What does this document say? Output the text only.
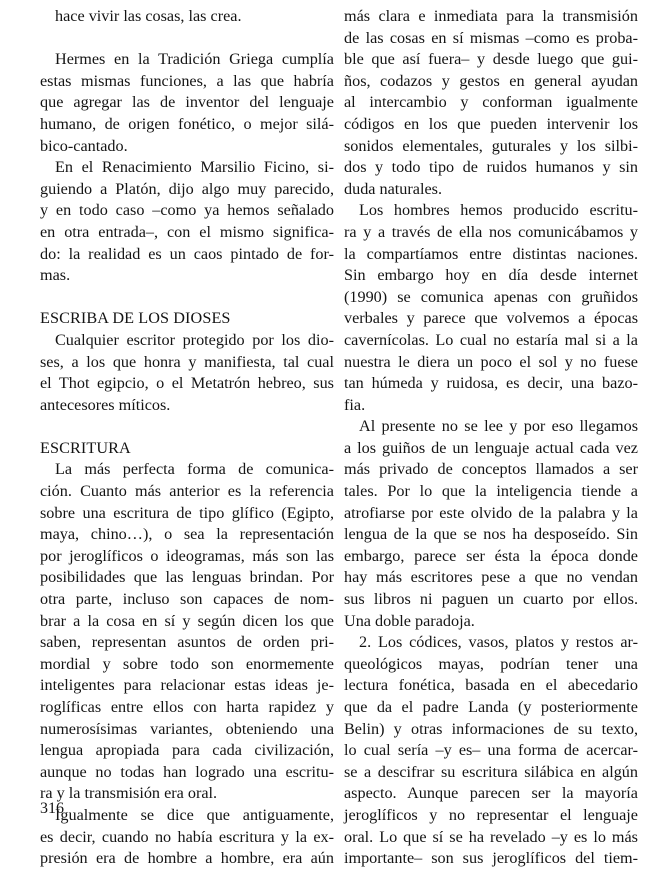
hace vivir las cosas, las crea.
Hermes en la Tradición Griega cumplía
estas mismas funciones, a las que habría
que agregar las de inventor del lenguaje
humano, de origen fonético, o mejor silá-
bico-cantado.
En el Renacimiento Marsilio Ficino, si-
guiendo a Platón, dijo algo muy parecido,
y en todo caso –como ya hemos señalado
en otra entrada–, con el mismo significa-
do: la realidad es un caos pintado de for-
mas.
ESCRIBA DE LOS DIOSES
Cualquier escritor protegido por los dio-
ses, a los que honra y manifiesta, tal cual
el Thot egipcio, o el Metatrón hebreo, sus
antecesores míticos.
ESCRITURA
La más perfecta forma de comunica-
ción. Cuanto más anterior es la referencia
sobre una escritura de tipo glífico (Egipto,
maya, chino…), o sea la representación
por jeroglíficos o ideogramas, más son las
posibilidades que las lenguas brindan. Por
otra parte, incluso son capaces de nom-
brar a la cosa en sí y según dicen los que
saben, representan asuntos de orden pri-
mordial y sobre todo son enormemente
inteligentes para relacionar estas ideas je-
roglíficas entre ellos con harta rapidez y
numerosísimas variantes, obteniendo una
lengua apropiada para cada civilización,
aunque no todas han logrado una escritu-
ra y la transmisión era oral.
Igualmente se dice que antiguamente,
es decir, cuando no había escritura y la ex-
presión era de hombre a hombre, era aún
más clara e inmediata para la transmisión
de las cosas en sí mismas –como es proba-
ble que así fuera– y desde luego que gui-
ños, codazos y gestos en general ayudan
al intercambio y conforman igualmente
códigos en los que pueden intervenir los
sonidos elementales, guturales y los silbi-
dos y todo tipo de ruidos humanos y sin
duda naturales.
Los hombres hemos producido escritu-
ra y a través de ella nos comunicábamos y
la compartíamos entre distintas naciones.
Sin embargo hoy en día desde internet
(1990) se comunica apenas con gruñidos
verbales y parece que volvemos a épocas
cavernícolas. Lo cual no estaría mal si a la
nuestra le diera un poco el sol y no fuese
tan húmeda y ruidosa, es decir, una bazo-
fia.
Al presente no se lee y por eso llegamos
a los guiños de un lenguaje actual cada vez
más privado de conceptos llamados a ser
tales. Por lo que la inteligencia tiende a
atrofiarse por este olvido de la palabra y la
lengua de la que se nos ha desposeído. Sin
embargo, parece ser ésta la época donde
hay más escritores pese a que no vendan
sus libros ni paguen un cuarto por ellos.
Una doble paradoja.
2. Los códices, vasos, platos y restos ar-
queológicos mayas, podrían tener una
lectura fonética, basada en el abecedario
que da el padre Landa (y posteriormente
Belin) y otras informaciones de su texto,
lo cual sería –y es– una forma de acercar-
se a descifrar su escritura silábica en algún
aspecto. Aunque parecen ser la mayoría
jeroglíficos y no representar el lenguaje
oral. Lo que sí se ha revelado –y es lo más
importante– son sus jeroglíficos del tiem-
316
